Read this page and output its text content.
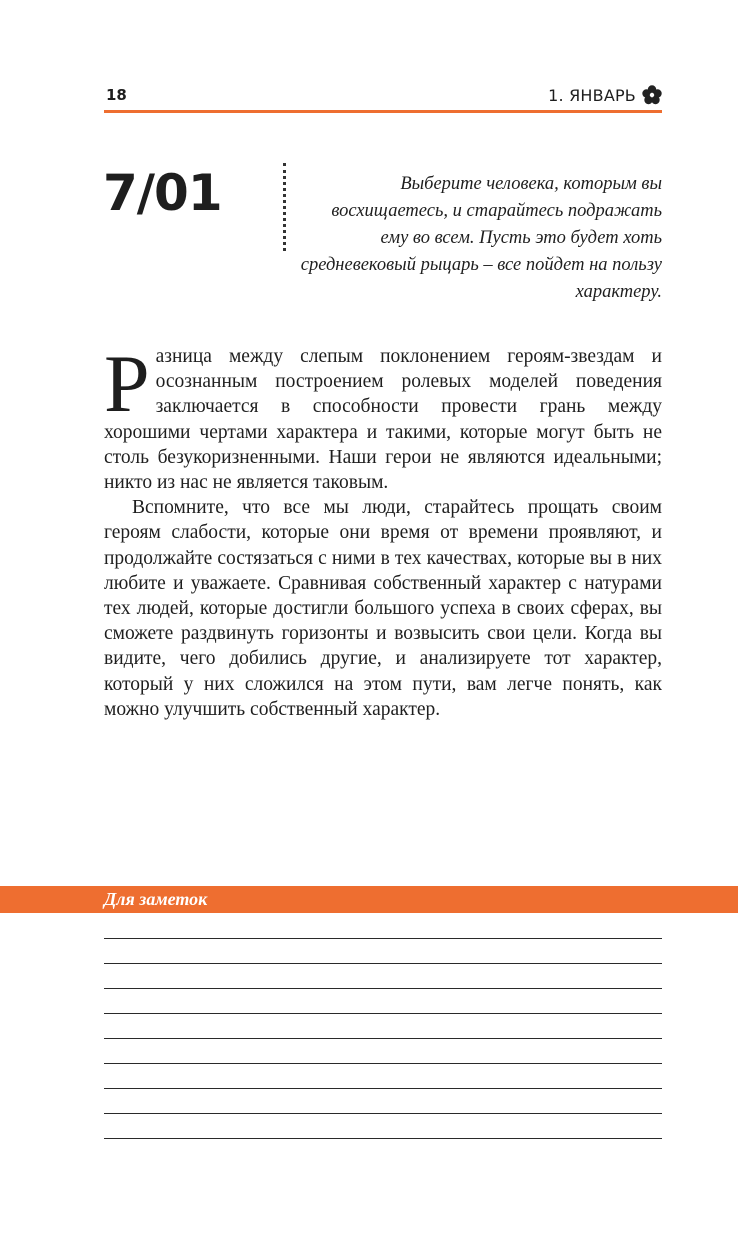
18	1. ЯНВАРЬ
7/01	Выберите человека, которым вы восхищаетесь, и старайтесь подражать ему во всем. Пусть это будет хоть средневековый рыцарь – все пойдет на пользу характеру.

Разница между слепым поклонением героям-звездам и осознанным построением ролевых моделей поведения заключается в способности провести грань между хорошими чертами характера и такими, которые могут быть не столь безукоризненными. Наши герои не являются идеальными; никто из нас не является таковым.

Вспомните, что все мы люди, старайтесь прощать своим героям слабости, которые они время от времени проявляют, и продолжайте состязаться с ними в тех качествах, которые вы в них любите и уважаете. Сравнивая собственный характер с натурами тех людей, которые достигли большого успеха в своих сферах, вы сможете раздвинуть горизонты и возвысить свои цели. Когда вы видите, чего добились другие, и анализируете тот характер, который у них сложился на этом пути, вам легче понять, как можно улучшить собственный характер.

Для заметок
